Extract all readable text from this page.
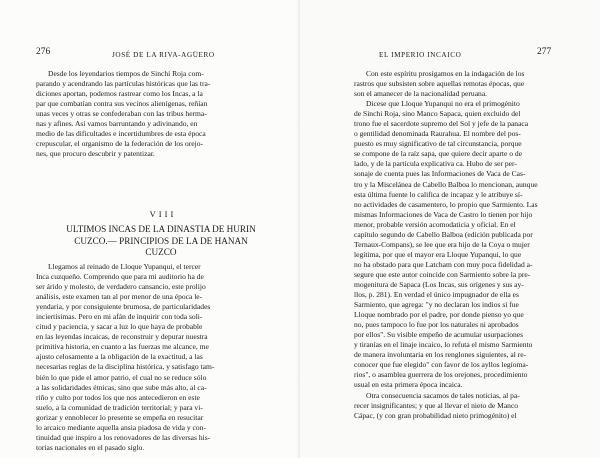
276	JOSÉ DE LA RIVA-AGÜERO

Desde los leyendarios tiempos de Sinchi Roja com-

parando y acendrando las partículas históricas que las tra-

diciones aportan, podemos rastrear como los Incas, a la

par que combatían contra sus vecinos alienígenas, reñían

unas veces y otras se confederaban con las tribus herma-

nas y afines. Así vamos barruntando y adivinando, en

medio de las dificultades e incertidumbres de esta época

crepuscular, el organismo de la federación de los orejo-

nes, que procuro descubrir y patentizar.

VIII
ULTIMOS INCAS DE LA DINASTIA DE HURIN
CUZCO.— PRINCIPIOS DE LA DE HANAN
CUZCO

Llegamos al reinado de Lloque Yupanqui, el tercer

Inca cuzqueño. Comprendo que para mi auditorio ha de

ser árido y molesto, de verdadero cansancio, este prolijo

análisis, este examen tan al por menor de una época le-

yendaria, y por consiguiente brumosa, de particularidades

inciertísimas. Pero en mi afán de inquirir con toda soli-

citud y paciencia, y sacar a luz lo que haya de probable

en las leyendas incaicas, de reconstruir y depurar nuestra

primitiva historia, en cuanto a las fuerzas me alcance, me

ajusto celosamente a la obligación de la exactitud, a las

necesarias reglas de la disciplina histórica, y satisfago tam-

bién lo que pide el amor patrio, el cual no se reduce sólo

a las solidaridades étnicas, sino que sube más alto, al ca-

riño y culto por todos los que nos antecedieron en este

suelo, a la comunidad de tradición territorial; y para vi-

gorizar y ennoblecer lo presente se empeña en resucitar

lo arcaico mediante aquella ansia piadosa de vida y con-

tinuidad que inspiro a los renovadores de las diversas his-

torias nacionales en el pasado siglo.

EL IMPERIO INCAICO	277

Con este espíritu prosigamos en la indagación de los

rastros que subsisten sobre aquellas remotas épocas, que

son el amanecer de la nacionalidad peruana.

Dicese que Lloque Yupanqui no era el primogénito

de Sinchi Roja, sino Manco Sapaca, quien excluido del

trono fue el sacerdote supremo del Sol y jefe de la panaca

o gentilidad denominada Raurahua. El nombre del pos-

puesto es muy significativo de tal circunstancia, porque

se compone de la raíz sapa, que quiere decir aparte o de

lado, y de la partícula explicativa ca. Hubo de ser per-

sonaje de cuenta pues las Informaciones de Vaca de Cas-

tro y la Miscelánea de Cabello Balboa lo mencionan, aunque

esta última fuente lo califica de incapaz y le atribuye sí-

no actividades de casamentero, lo propio que Sarmiento. Las

mismas Informaciones de Vaca de Castro lo tienen por hijo

menor, probable versión acomodaticia y oficial. En el

capítulo segundo de Cabello Balboa (edición publicada por

Ternaux-Compans), se lee que era hijo de la Coya o mujer

legítima, por que el mayor era Lloque Yupanqui, lo que

no ha obstado para que Latcham con muy poca fidelidad a-

segure que este autor coincide con Sarmiento sobre la pre-

mogenitura de Sapaca (Los Incas, sus orígenes y sus ay-

llos, p. 281). En verdad el único impugnador de ella es

Sarmiento, que agrega: "y no declaran los indios si fue

Lloque nombrado por el padre, por donde pienso yo que

no, pues tampoco lo fue por los naturales ni aprobados

por ellos". Su visible empeño de acumular usurpaciones

y tiranías en el linaje incaico, lo refuta el mismo Sarmiento

de manera involuntaria en los renglones siguientes, al re-

conocer que fue elegido" con favor de los ayllos legíoma-

rios", o asamblea guerrera de los orejones, procedimiento

usual en esta primera época incaica.

Otra consecuencia sacamos de tales noticias, al pa-

recer insignificantes; y que al llevar el nieto de Manco

Cápac, (y con gran probabilidad nieto primogénito) el
